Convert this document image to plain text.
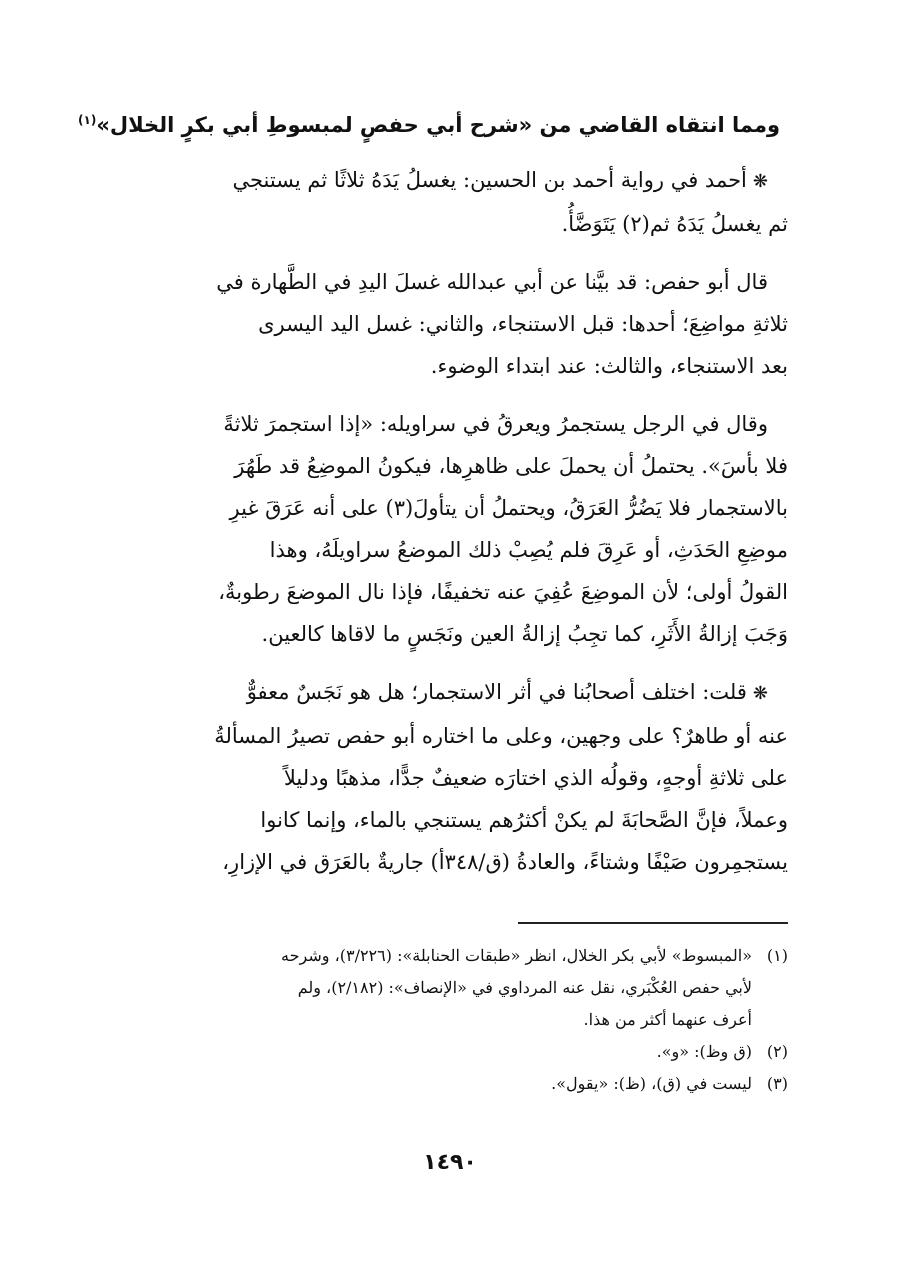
ومما انتقاه القاضي من «شرح أبي حفصٍ لمبسوطِ أبي بكرٍ الخلال»$^{(١)}$
❋أحمد في رواية أحمد بن الحسين: يغسلُ يَدَهُ ثلاثًا ثم يستنجي
ثم يغسلُ يَدَهُ ثم(٢) يَتَوَضَّأُ.
قال أبو حفص: قد بيَّنا عن أبي عبدالله غسلَ اليدِ في الطَّهارة في
ثلاثةِ مواضِعَ؛ أحدها: قبل الاستنجاء، والثاني: غسل اليد اليسرى
بعد الاستنجاء، والثالث: عند ابتداء الوضوء.
وقال في الرجل يستجمرُ ويعرقُ في سراويله: «إذا استجمرَ ثلاثةً
فلا بأسَ». يحتملُ أن يحملَ على ظاهرِها، فيكونُ الموضِعُ قد طَهُرَ
بالاستجمار فلا يَضُرُّ العَرَقُ، ويحتملُ أن يتأولَ(٣) على أنه عَرَقَ غيرِ
موضِعِ الحَدَثِ، أو عَرِقَ فلم يُصِبْ ذلك الموضعُ سراويلَهُ، وهذا
القولُ أولى؛ لأن الموضِعَ عُفِيَ عنه تخفيفًا، فإذا نال الموضعَ رطوبةٌ،
وَجَبَ إزالةُ الأَثَرِ، كما تجِبُ إزالةُ العين ونَجَسٍ ما لاقاها كالعين.
❋قلت: اختلف أصحابُنا في أثر الاستجمار؛ هل هو نَجَسٌ معفوٌّ
عنه أو طاهرٌ؟ على وجهين، وعلى ما اختاره أبو حفص تصيرُ المسألةُ
على ثلاثةِ أوجهٍ، وقولُه الذي اختارَه ضعيفٌ جدًّا، مذهبًا ودليلاً
وعملاً، فإنَّ الصَّحابَةَ لم يكنْ أكثرُهم يستنجي بالماء، وإنما كانوا
يستجمِرون صَيْفًا وشتاءً، والعادةُ (ق/٣٤٨أ) جاريةٌ بالعَرَق في الإزارِ،
(١)
«المبسوط» لأبي بكر الخلال، انظر «طبقات الحنابلة»: (٣/٢٢٦)، وشرحه
لأبي حفص العُكْبَري، نقل عنه المرداوي في «الإنصاف»: (٢/١٨٢)، ولم
أعرف عنهما أكثر من هذا.
(٢)
(ق وظ): «و».
(٣)
ليست في (ق)، (ظ): «يقول».
١٤٩٠
